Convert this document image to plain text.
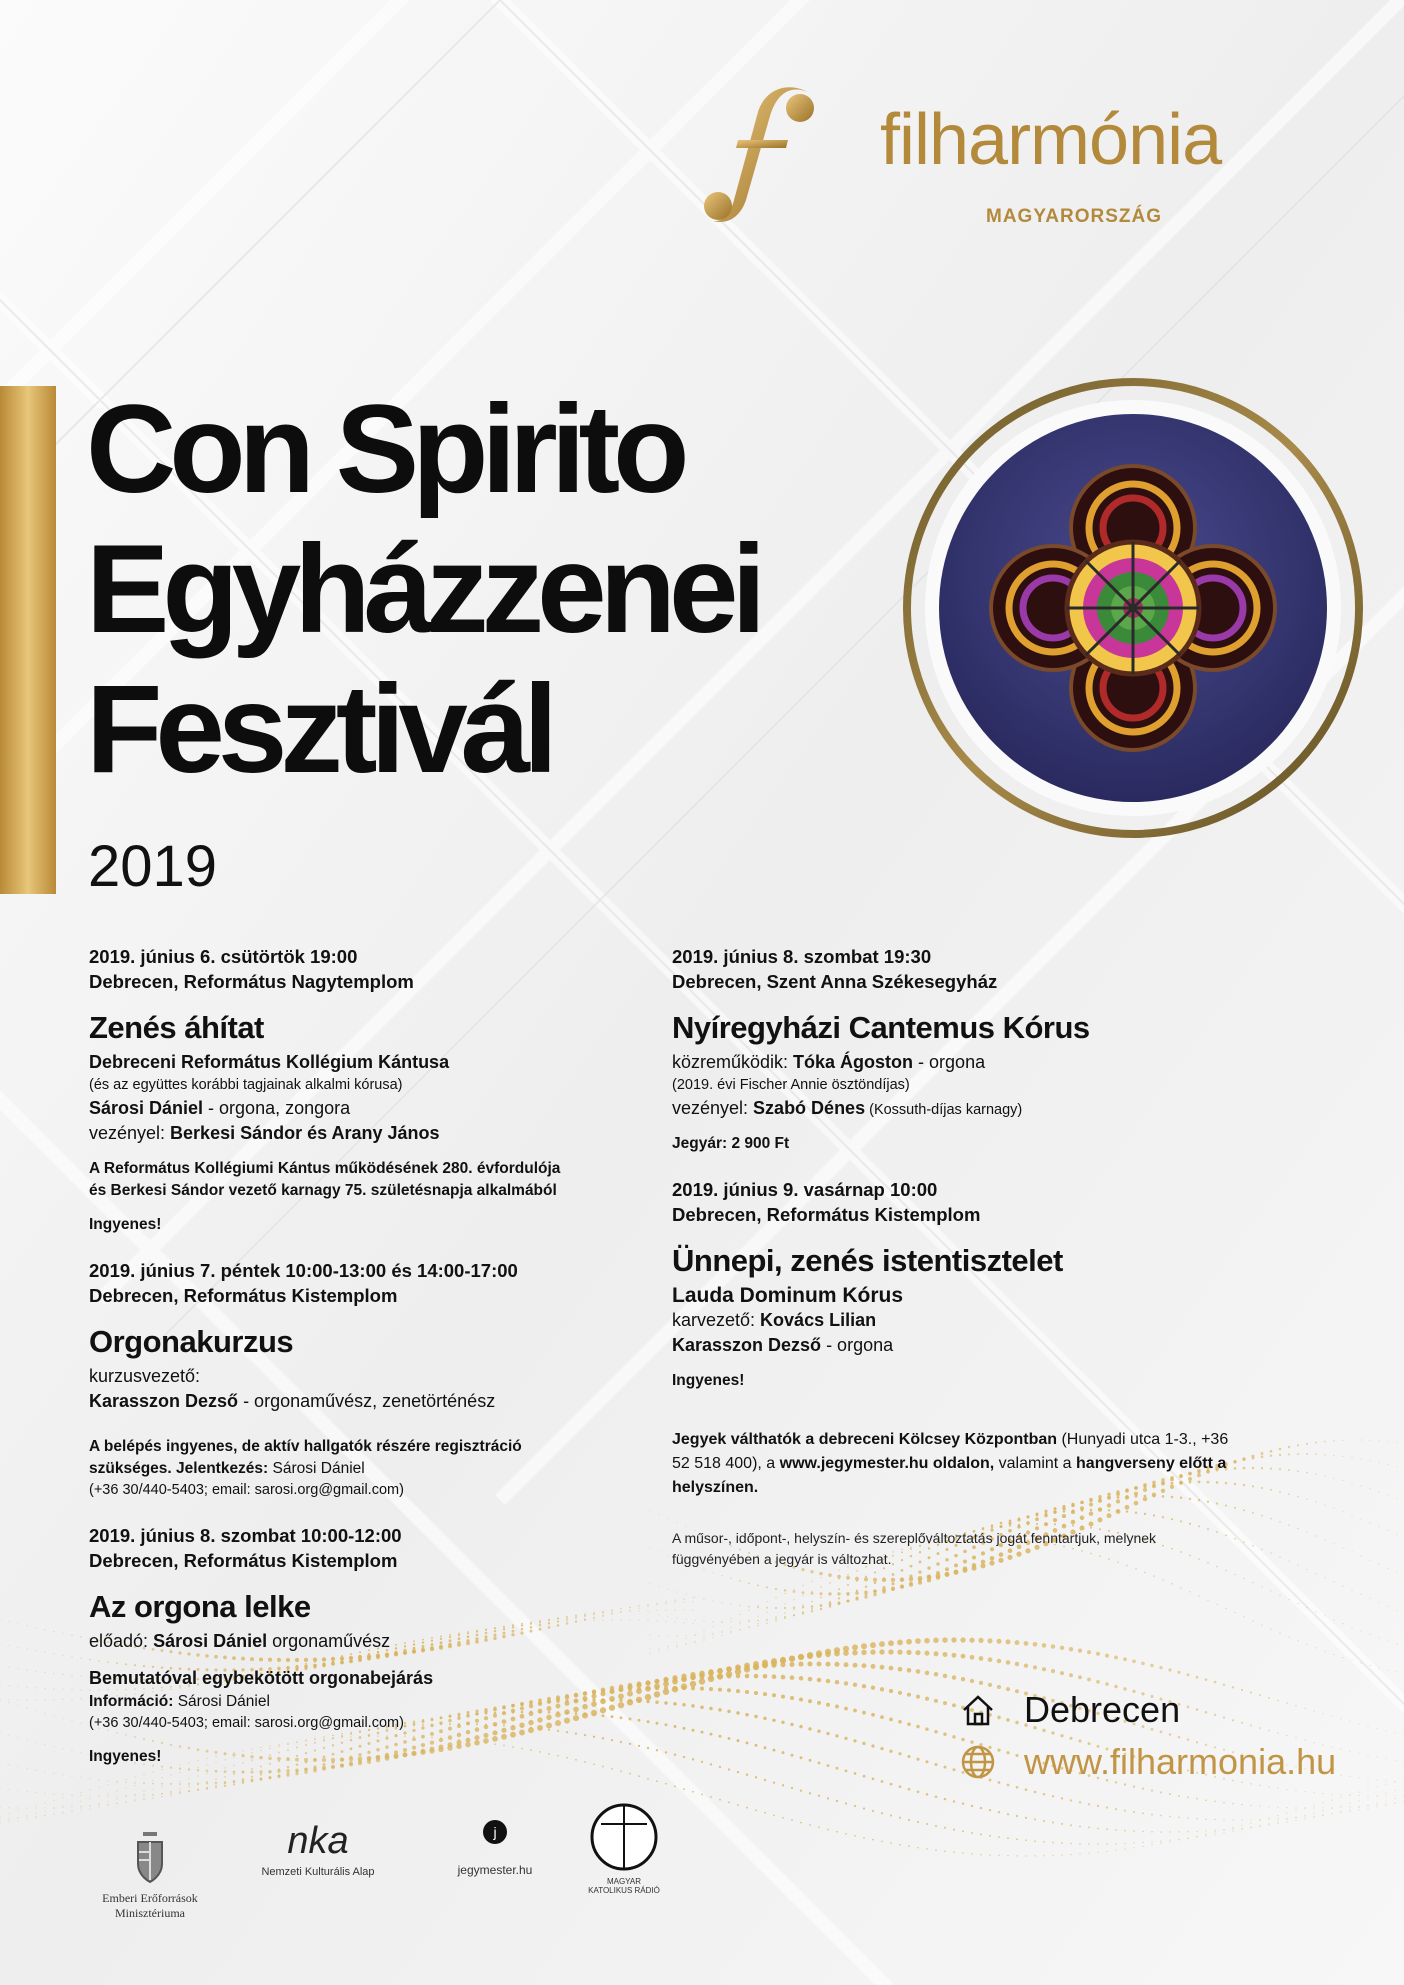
filharmónia
MAGYARORSZÁG
Con Spirito
Egyházzenei
Fesztivál
2019

2019. június 6. csütörtök 19:00

Debrecen, Református Nagytemplom

Zenés áhítat

Debreceni Református Kollégium Kántusa

(és az együttes korábbi tagjainak alkalmi kórusa)

Sárosi Dániel - orgona, zongora

vezényel: Berkesi Sándor és Arany János

A Református Kollégiumi Kántus működésének 280. évfordulója

és Berkesi Sándor vezető karnagy 75. születésnapja alkalmából

Ingyenes!

2019. június 7. péntek 10:00-13:00 és 14:00-17:00

Debrecen, Református Kistemplom

Orgonakurzus

kurzusvezető:

Karasszon Dezső - orgonaművész, zenetörténész

A belépés ingyenes, de aktív hallgatók részére regisztráció

szükséges. Jelentkezés: Sárosi Dániel

(+36 30/440-5403; email: sarosi.org@gmail.com)

2019. június 8. szombat 10:00-12:00

Debrecen, Református Kistemplom

Az orgona lelke

előadó: Sárosi Dániel orgonaművész

Bemutatóval egybekötött orgonabejárás

Információ: Sárosi Dániel

(+36 30/440-5403; email: sarosi.org@gmail.com)

Ingyenes!

2019. június 8. szombat 19:30

Debrecen, Szent Anna Székesegyház

Nyíregyházi Cantemus Kórus

közreműködik: Tóka Ágoston - orgona

(2019. évi Fischer Annie ösztöndíjas)

vezényel: Szabó Dénes (Kossuth-díjas karnagy)

Jegyár: 2 900 Ft

2019. június 9. vasárnap 10:00

Debrecen, Református Kistemplom

Ünnepi, zenés istentisztelet

Lauda Dominum Kórus

karvezető: Kovács Lilian

Karasszon Dezső - orgona

Ingyenes!

Jegyek válthatók a debreceni Kölcsey Központban (Hunyadi utca 1-3., +36 52 518 400), a www.jegymester.hu oldalon, valamint a hangverseny előtt a helyszínen.

A műsor-, időpont-, helyszín- és szereplőváltoztatás jogát fenntartjuk, melynek függvényében a jegyár is változhat.

Debrecen
www.filharmonia.hu
Emberi Erőforrások
Minisztériuma
nka
Nemzeti Kulturális Alap
j
jegymester.hu
MAGYAR KATOLIKUS RÁDIÓ
